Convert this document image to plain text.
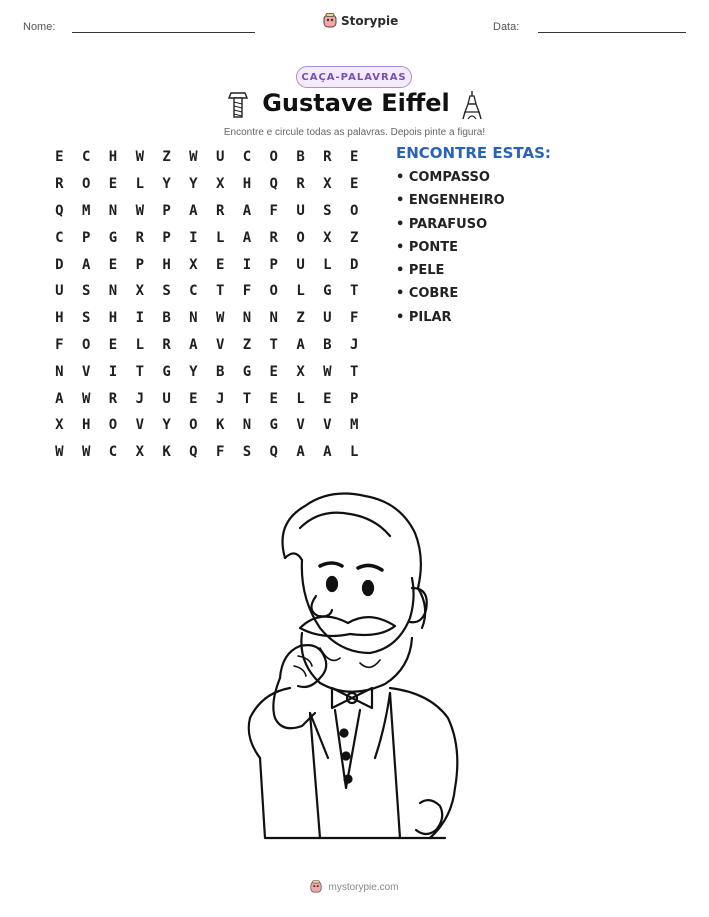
Nome:	Storypie	Data:
CAÇA-PALAVRAS
Gustave Eiffel
Encontre e circule todas as palavras. Depois pinte a figura!
E	C	H	W	Z	W	U	C	O	B	R	E
R	O	E	L	Y	Y	X	H	Q	R	X	E
Q	M	N	W	P	A	R	A	F	U	S	O
C	P	G	R	P	I	L	A	R	O	X	Z
D	A	E	P	H	X	E	I	P	U	L	D
U	S	N	X	S	C	T	F	O	L	G	T
H	S	H	I	B	N	W	N	N	Z	U	F
F	O	E	L	R	A	V	Z	T	A	B	J
N	V	I	T	G	Y	B	G	E	X	W	T
A	W	R	J	U	E	J	T	E	L	E	P
X	H	O	V	Y	O	K	N	G	V	V	M
W	W	C	X	K	Q	F	S	Q	A	A	L
ENCONTRE ESTAS:
• COMPASSO
• ENGENHEIRO
• PARAFUSO
• PONTE
• PELE
• COBRE
• PILAR
mystorypie.com
